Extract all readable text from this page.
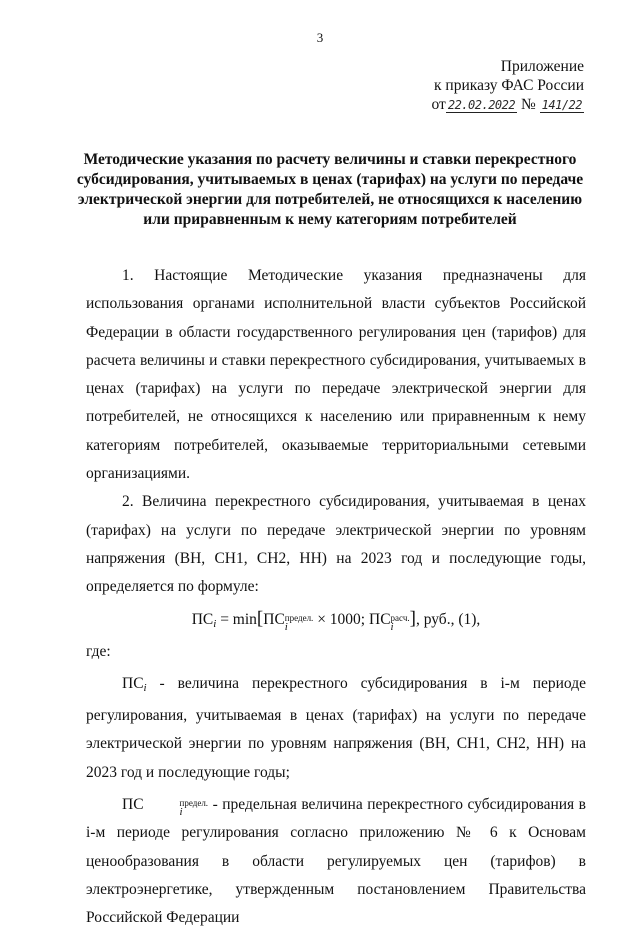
3
Приложение
к приказу ФАС России
от 22.02.2022 № 141/22
Методические указания по расчету величины и ставки перекрестного субсидирования, учитываемых в ценах (тарифах) на услуги по передаче электрической энергии для потребителей, не относящихся к населению или приравненным к нему категориям потребителей

1. Настоящие Методические указания предназначены для использования органами исполнительной власти субъектов Российской Федерации в области государственного регулирования цен (тарифов) для расчета величины и ставки перекрестного субсидирования, учитываемых в ценах (тарифах) на услуги по передаче электрической энергии для потребителей, не относящихся к населению или приравненным к нему категориям потребителей, оказываемые территориальными сетевыми организациями.

2. Величина перекрестного субсидирования, учитываемая в ценах (тарифах) на услуги по передаче электрической энергии по уровням напряжения (ВН, СН1, СН2, НН) на 2023 год и последующие годы, определяется по формуле:

$ПС_i = \min[ПС$ предел.
i	× 1000; ПС расч.
i ], руб., (1),

где:

$ПС_i$ - величина перекрестного субсидирования в i-м периоде регулирования, учитываемая в ценах (тарифах) на услуги по передаче электрической энергии по уровням напряжения (ВН, СН1, СН2, НН) на 2023 год и последующие годы;

ПС	предел.
i	- предельная величина перекрестного субсидирования в i-м периоде регулирования согласно приложению № 6 к Основам ценообразования в области регулируемых цен (тарифов) в электроэнергетике, утвержденным постановлением Правительства Российской Федерации
